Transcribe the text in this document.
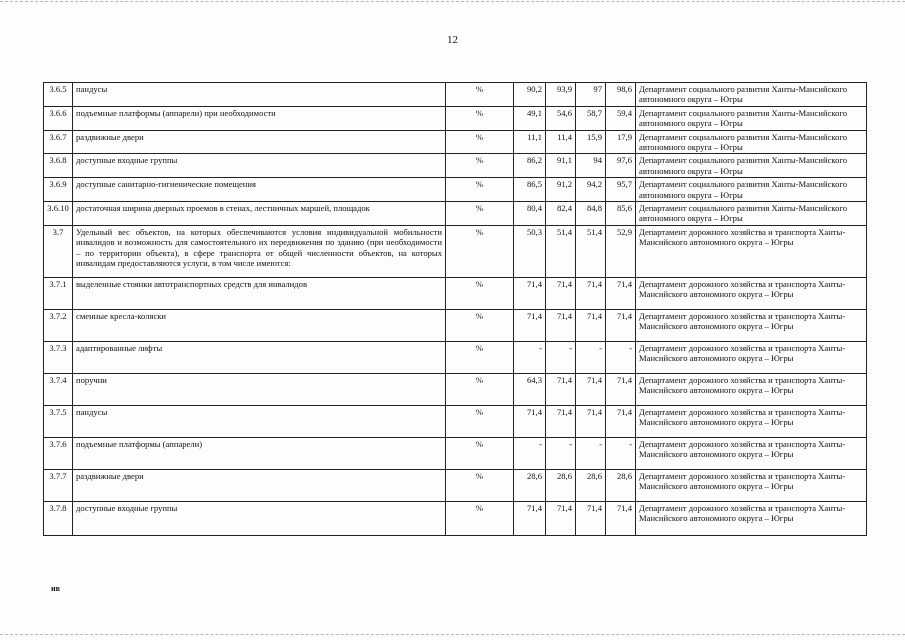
12
3.6.5	пандусы	%	90,2	93,9	97	98,6	Департамент социального развития Ханты-Мансийского автономного округа – Югры
3.6.6	подъемные платформы (аппарели) при необходимости	%	49,1	54,6	58,7	59,4	Департамент социального развития Ханты-Мансийского автономного округа – Югры
3.6.7	раздвижные двери	%	11,1	11,4	15,9	17,9	Департамент социального развития Ханты-Мансийского автономного округа – Югры
3.6.8	доступные входные группы	%	86,2	91,1	94	97,6	Департамент социального развития Ханты-Мансийского автономного округа – Югры
3.6.9	доступные санитарно-гигиенические помещения	%	86,5	91,2	94,2	95,7	Департамент социального развития Ханты-Мансийского автономного округа – Югры
3.6.10	достаточная ширина дверных проемов в стенах, лестничных маршей, площадок	%	80,4	82,4	84,8	85,6	Департамент социального развития Ханты-Мансийского автономного округа – Югры
3.7	Удельный вес объектов, на которых обеспечиваются условия индивидуальной мобильности инвалидов и возможность для самостоятельного их передвижения по зданию (при необходимости – по территории объекта), в сфере транспорта от общей численности объектов, на которых инвалидам предоставляются услуги, в том числе имеются:	%	50,3	51,4	51,4	52,9	Департамент дорожного хозяйства и транспорта Ханты-Мансийского автономного округа – Югры
3.7.1	выделенные стоянки автотранспортных средств для инвалидов	%	71,4	71,4	71,4	71,4	Департамент дорожного хозяйства и транспорта Ханты-Мансийского автономного округа – Югры
3.7.2	сменные кресла-коляски	%	71,4	71,4	71,4	71,4	Департамент дорожного хозяйства и транспорта Ханты-Мансийского автономного округа – Югры
3.7.3	адаптированные лифты	%	-	-	-	-	Департамент дорожного хозяйства и транспорта Ханты-Мансийского автономного округа – Югры
3.7.4	поручни	%	64,3	71,4	71,4	71,4	Департамент дорожного хозяйства и транспорта Ханты-Мансийского автономного округа – Югры
3.7.5	пандусы	%	71,4	71,4	71,4	71,4	Департамент дорожного хозяйства и транспорта Ханты-Мансийского автономного округа – Югры
3.7.6	подъемные платформы (аппарели)	%	-	-	-	-	Департамент дорожного хозяйства и транспорта Ханты-Мансийского автономного округа – Югры
3.7.7	раздвижные двери	%	28,6	28,6	28,6	28,6	Департамент дорожного хозяйства и транспорта Ханты-Мансийского автономного округа – Югры
3.7.8	доступные входные группы	%	71,4	71,4	71,4	71,4	Департамент дорожного хозяйства и транспорта Ханты-Мансийского автономного округа – Югры
ив
